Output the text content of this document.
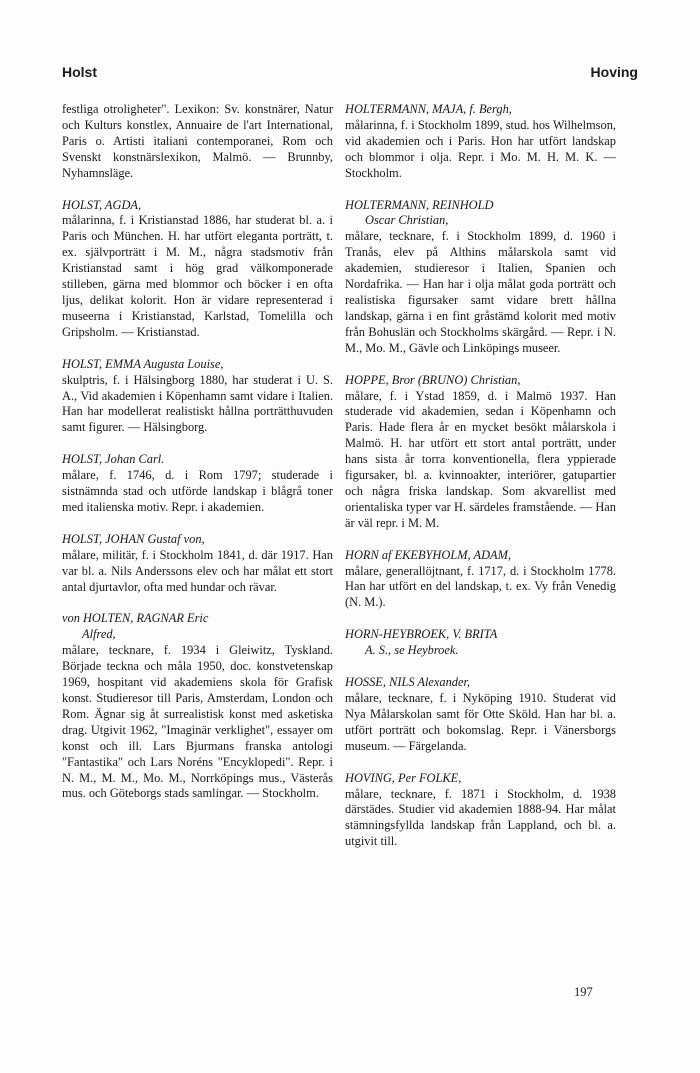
Holst	Hoving

festliga otroligheter". Lexikon: Sv. konstnärer, Natur och Kulturs konstlex, Annuaire de l'art International, Paris o. Artisti italiani contemporanei, Rom och Svenskt konstnärslexikon, Malmö. — Brunnby, Nyhamnsläge.

HOLST, AGDA,
målarinna, f. i Kristianstad 1886, har studerat bl. a. i Paris och München. H. har utfört eleganta porträtt, t. ex. självporträtt i M. M., några stadsmotiv från Kristianstad samt i hög grad välkomponerade stilleben, gärna med blommor och böcker i en ofta ljus, delikat kolorit. Hon är vidare representerad i museerna i Kristianstad, Karlstad, Tomelilla och Gripsholm. — Kristianstad.

HOLST, EMMA Augusta Louise,
skulptris, f. i Hälsingborg 1880, har studerat i U. S. A., Vid akademien i Köpenhamn samt vidare i Italien. Han har modellerat realistiskt hållna porträtthuvuden samt figurer. — Hälsingborg.

HOLST, Johan Carl.
målare, f. 1746, d. i Rom 1797; studerade i sistnämnda stad och utförde landskap i blågrå toner med italienska motiv. Repr. i akademien.

HOLST, JOHAN Gustaf von,
målare, militär, f. i Stockholm 1841, d. där 1917. Han var bl. a. Nils Anderssons elev och har målat ett stort antal djurtavlor, ofta med hundar och rävar.

von HOLTEN, RAGNAR Eric
Alfred,
målare, tecknare, f. 1934 i Gleiwitz, Tyskland. Började teckna och måla 1950, doc. konstvetenskap 1969, hospitant vid akademiens skola för Grafisk konst. Studieresor till Paris, Amsterdam, London och Rom. Ägnar sig åt surrealistisk konst med asketiska drag. Utgivit 1962, "Imaginär verklighet", essayer om konst och ill. Lars Bjurmans franska antologi "Fantastika" och Lars Noréns "Encyklopedi". Repr. i N. M., M. M., Mo. M., Norrköpings mus., Västerås mus. och Göteborgs stads samlingar. — Stockholm.

HOLTERMANN, MAJA, f. Bergh,
målarinna, f. i Stockholm 1899, stud. hos Wilhelmson, vid akademien och i Paris. Hon har utfört landskap och blommor i olja. Repr. i Mo. M. H. M. K. — Stockholm.

HOLTERMANN, REINHOLD
Oscar Christian,
målare, tecknare, f. i Stockholm 1899, d. 1960 i Tranås, elev på Althins målarskola samt vid akademien, studieresor i Italien, Spanien och Nordafrika. — Han har i olja målat goda porträtt och realistiska figursaker samt vidare brett hållna landskap, gärna i en fint gråstämd kolorit med motiv från Bohuslän och Stockholms skärgård. — Repr. i N. M., Mo. M., Gävle och Linköpings museer.

HOPPE, Bror (BRUNO) Christian,
målare, f. i Ystad 1859, d. i Malmö 1937. Han studerade vid akademien, sedan i Köpenhamn och Paris. Hade flera år en mycket besökt målarskola i Malmö. H. har utfört ett stort antal porträtt, under hans sista år torra konventionella, flera yppierade figursaker, bl. a. kvinnoakter, interiörer, gatupartier och några friska landskap. Som akvarellist med orientaliska typer var H. särdeles framstående. — Han är väl repr. i M. M.

HORN af EKEBYHOLM, ADAM,
målare, generallöjtnant, f. 1717, d. i Stockholm 1778. Han har utfört en del landskap, t. ex. Vy från Venedig (N. M.).

HORN-HEYBROEK, V. BRITA
A. S., se Heybroek.

HOSSE, NILS Alexander,
målare, tecknare, f. i Nyköping 1910. Studerat vid Nya Målarskolan samt för Otte Sköld. Han har bl. a. utfört porträtt och bokomslag. Repr. i Vänersborgs museum. — Färgelanda.

HOVING, Per FOLKE,
målare, tecknare, f. 1871 i Stockholm, d. 1938 därstädes. Studier vid akademien 1888-94. Har målat stämningsfyllda landskap från Lappland, och bl. a. utgivit till.

197
